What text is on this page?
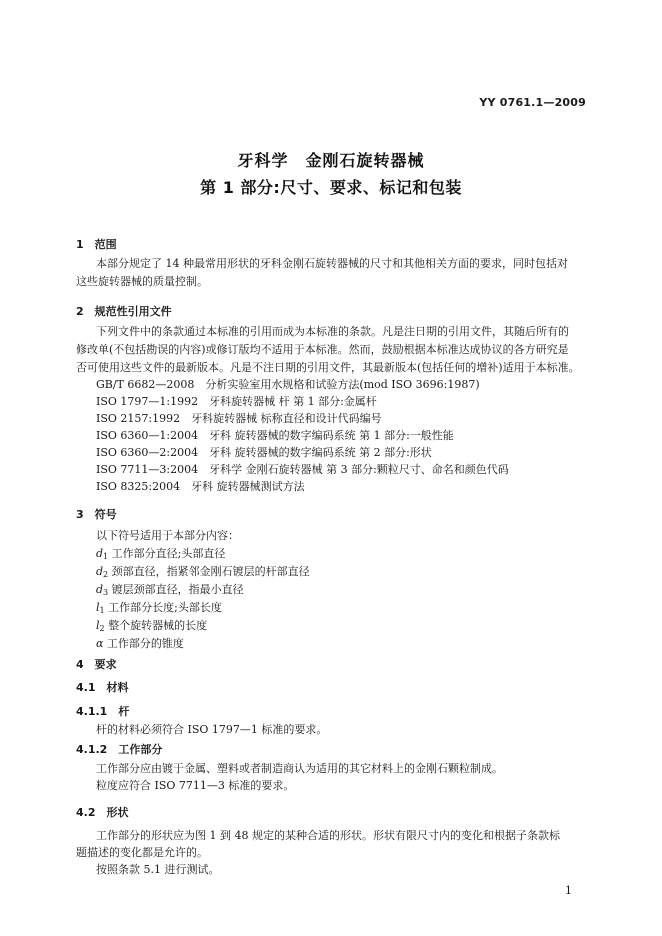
YY 0761.1—2009
牙科学　金刚石旋转器械
第 1 部分:尺寸、要求、标记和包装
1　范围
本部分规定了 14 种最常用形状的牙科金刚石旋转器械的尺寸和其他相关方面的要求，同时包括对
这些旋转器械的质量控制。
2　规范性引用文件
下列文件中的条款通过本标准的引用而成为本标准的条款。凡是注日期的引用文件，其随后所有的
修改单(不包括勘误的内容)或修订版均不适用于本标准。然而，鼓励根据本标准达成协议的各方研究是
否可使用这些文件的最新版本。凡是不注日期的引用文件，其最新版本(包括任何的增补)适用于本标准。
GB/T 6682—2008　分析实验室用水规格和试验方法(mod ISO 3696:1987)
ISO 1797—1:1992　牙科旋转器械 杆 第 1 部分:金属杆
ISO 2157:1992　牙科旋转器械 标称直径和设计代码编号
ISO 6360—1:2004　牙科 旋转器械的数字编码系统 第 1 部分:一般性能
ISO 6360—2:2004　牙科 旋转器械的数字编码系统 第 2 部分:形状
ISO 7711—3:2004　牙科学 金刚石旋转器械 第 3 部分:颗粒尺寸、命名和颜色代码
ISO 8325:2004　牙科 旋转器械测试方法
3　符号
以下符号适用于本部分内容：
$d_1$ 工作部分直径;头部直径
$d_2$ 颈部直径，指紧邻金刚石镀层的杆部直径
$d_3$ 镀层颈部直径，指最小直径
$l_1$ 工作部分长度;头部长度
$l_2$ 整个旋转器械的长度
α 工作部分的锥度
4　要求
4.1　材料
4.1.1　杆
杆的材料必须符合 ISO 1797—1 标准的要求。
4.1.2　工作部分
工作部分应由镀于金属、塑料或者制造商认为适用的其它材料上的金刚石颗粒制成。
粒度应符合 ISO 7711—3 标准的要求。
4.2　形状
工作部分的形状应为图 1 到 48 规定的某种合适的形状。形状有限尺寸内的变化和根据子条款标
题描述的变化都是允许的。
按照条款 5.1 进行测试。
1
